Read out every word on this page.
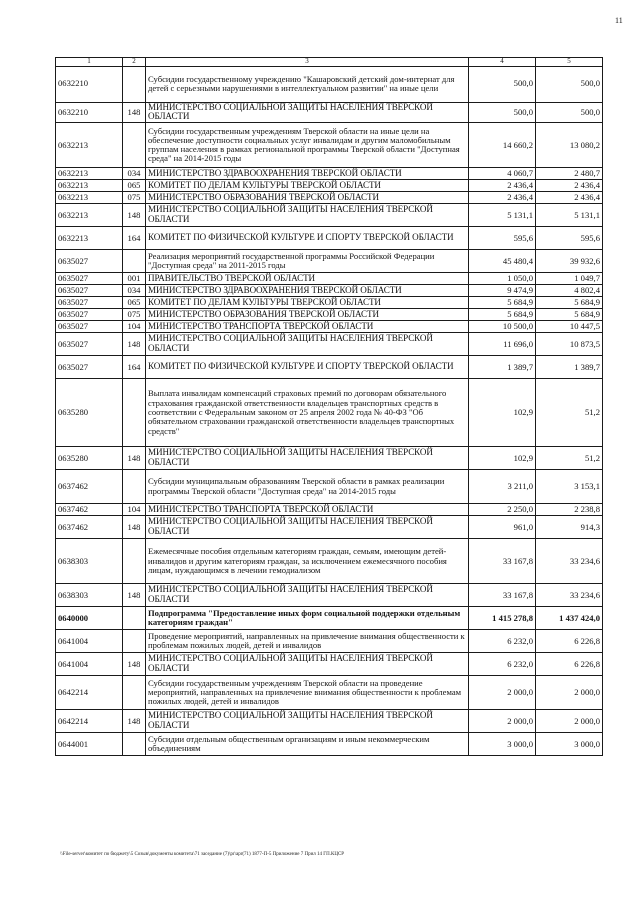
11
1	2	3	4	5
0632210		Субсидии государственному учреждению "Кашаровский детский дом-интернат для детей с серьезными нарушениями в интеллектуальном развитии" на иные цели	500,0	500,0
0632210	148	МИНИСТЕРСТВО СОЦИАЛЬНОЙ ЗАЩИТЫ НАСЕЛЕНИЯ ТВЕРСКОЙ ОБЛАСТИ	500,0	500,0
0632213		Субсидии государственным учреждениям Тверской области на иные цели на обеспечение доступности социальных услуг инвалидам и другим маломобильным группам населения в рамках региональной программы Тверской области "Доступная среда" на 2014-2015 годы	14 660,2	13 080,2
0632213	034	МИНИСТЕРСТВО ЗДРАВООХРАНЕНИЯ ТВЕРСКОЙ ОБЛАСТИ	4 060,7	2 480,7
0632213	065	КОМИТЕТ ПО ДЕЛАМ КУЛЬТУРЫ ТВЕРСКОЙ ОБЛАСТИ	2 436,4	2 436,4
0632213	075	МИНИСТЕРСТВО ОБРАЗОВАНИЯ ТВЕРСКОЙ ОБЛАСТИ	2 436,4	2 436,4
0632213	148	МИНИСТЕРСТВО СОЦИАЛЬНОЙ ЗАЩИТЫ НАСЕЛЕНИЯ ТВЕРСКОЙ ОБЛАСТИ	5 131,1	5 131,1
0632213	164	КОМИТЕТ ПО ФИЗИЧЕСКОЙ КУЛЬТУРЕ И СПОРТУ ТВЕРСКОЙ ОБЛАСТИ	595,6	595,6
0635027		Реализация мероприятий государственной программы Российской Федерации "Доступная среда" на 2011-2015 годы	45 480,4	39 932,6
0635027	001	ПРАВИТЕЛЬСТВО ТВЕРСКОЙ ОБЛАСТИ	1 050,0	1 049,7
0635027	034	МИНИСТЕРСТВО ЗДРАВООХРАНЕНИЯ ТВЕРСКОЙ ОБЛАСТИ	9 474,9	4 802,4
0635027	065	КОМИТЕТ ПО ДЕЛАМ КУЛЬТУРЫ ТВЕРСКОЙ ОБЛАСТИ	5 684,9	5 684,9
0635027	075	МИНИСТЕРСТВО ОБРАЗОВАНИЯ ТВЕРСКОЙ ОБЛАСТИ	5 684,9	5 684,9
0635027	104	МИНИСТЕРСТВО ТРАНСПОРТА ТВЕРСКОЙ ОБЛАСТИ	10 500,0	10 447,5
0635027	148	МИНИСТЕРСТВО СОЦИАЛЬНОЙ ЗАЩИТЫ НАСЕЛЕНИЯ ТВЕРСКОЙ ОБЛАСТИ	11 696,0	10 873,5
0635027	164	КОМИТЕТ ПО ФИЗИЧЕСКОЙ КУЛЬТУРЕ И СПОРТУ ТВЕРСКОЙ ОБЛАСТИ	1 389,7	1 389,7
0635280		Выплата инвалидам компенсаций страховых премий по договорам обязательного страхования гражданской ответственности владельцев транспортных средств в соответствии с Федеральным законом от 25 апреля 2002 года № 40-ФЗ "Об обязательном страховании гражданской ответственности владельцев транспортных средств"	102,9	51,2
0635280	148	МИНИСТЕРСТВО СОЦИАЛЬНОЙ ЗАЩИТЫ НАСЕЛЕНИЯ ТВЕРСКОЙ ОБЛАСТИ	102,9	51,2
0637462		Субсидии муниципальным образованиям Тверской области в рамках реализации программы Тверской области "Доступная среда" на 2014-2015 годы	3 211,0	3 153,1
0637462	104	МИНИСТЕРСТВО ТРАНСПОРТА ТВЕРСКОЙ ОБЛАСТИ	2 250,0	2 238,8
0637462	148	МИНИСТЕРСТВО СОЦИАЛЬНОЙ ЗАЩИТЫ НАСЕЛЕНИЯ ТВЕРСКОЙ ОБЛАСТИ	961,0	914,3
0638303		Ежемесячные пособия отдельным категориям граждан, семьям, имеющим детей-инвалидов и другим категориям граждан, за исключением ежемесячного пособия лицам, нуждающимся в лечении гемодиализом	33 167,8	33 234,6
0638303	148	МИНИСТЕРСТВО СОЦИАЛЬНОЙ ЗАЩИТЫ НАСЕЛЕНИЯ ТВЕРСКОЙ ОБЛАСТИ	33 167,8	33 234,6
0640000		Подпрограмма "Предоставление иных форм социальной поддержки отдельным категориям граждан"	1 415 278,8	1 437 424,0
0641004		Проведение мероприятий, направленных на привлечение внимания общественности к проблемам пожилых людей, детей и инвалидов	6 232,0	6 226,8
0641004	148	МИНИСТЕРСТВО СОЦИАЛЬНОЙ ЗАЩИТЫ НАСЕЛЕНИЯ ТВЕРСКОЙ ОБЛАСТИ	6 232,0	6 226,8
0642214		Субсидии государственным учреждениям Тверской области на проведение мероприятий, направленных на привлечение внимания общественности к проблемам пожилых людей, детей и инвалидов	2 000,0	2 000,0
0642214	148	МИНИСТЕРСТВО СОЦИАЛЬНОЙ ЗАЩИТЫ НАСЕЛЕНИЯ ТВЕРСКОЙ ОБЛАСТИ	2 000,0	2 000,0
0644001		Субсидии отдельным общественным организациям и иным некоммерческим объединениям	3 000,0	3 000,0
\\File-server\комитет по бюджету\5 Созыв\документы комитета\71 заседание (7)\pr\apr(71) 1877-П-5 Приложение 7 Прил 14 ГП.КЦСР
